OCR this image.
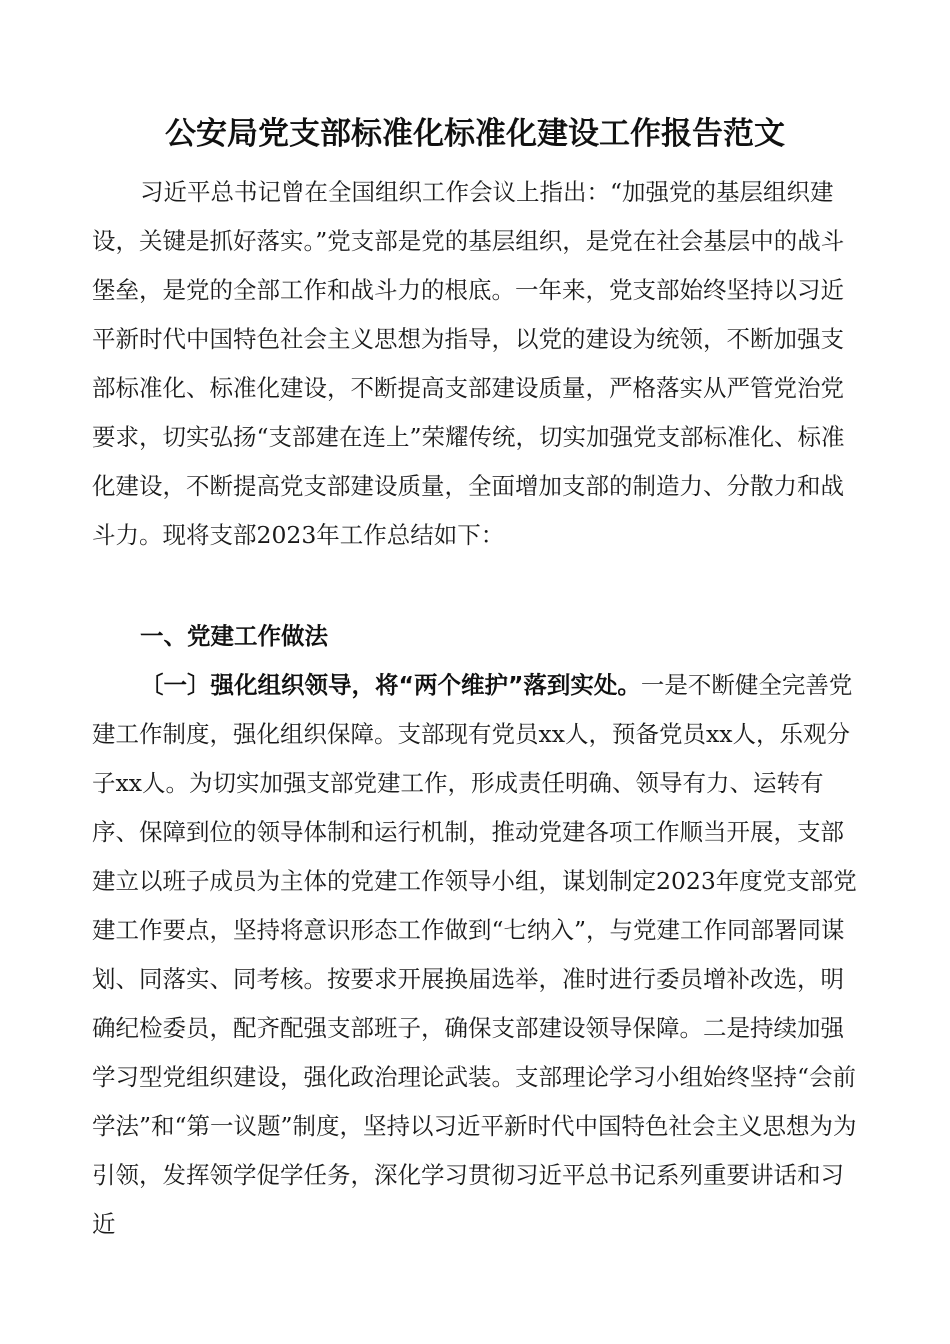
公安局党支部标准化标准化建设工作报告范文

习近平总书记曾在全国组织工作会议上指出：“加强党的基层组织建设，关键是抓好落实。”党支部是党的基层组织，是党在社会基层中的战斗堡垒，是党的全部工作和战斗力的根底。一年来，党支部始终坚持以习近平新时代中国特色社会主义思想为指导，以党的建设为统领，不断加强支部标准化、标准化建设，不断提高支部建设质量，严格落实从严管党治党要求，切实弘扬“支部建在连上”荣耀传统，切实加强党支部标准化、标准化建设，不断提高党支部建设质量，全面增加支部的制造力、分散力和战斗力。现将支部2023年工作总结如下：

一、党建工作做法

〔一〕强化组织领导，将“两个维护”落到实处。一是不断健全完善党建工作制度，强化组织保障。支部现有党员xx人，预备党员xx人，乐观分子xx人。为切实加强支部党建工作，形成责任明确、领导有力、运转有序、保障到位的领导体制和运行机制，推动党建各项工作顺当开展，支部建立以班子成员为主体的党建工作领导小组，谋划制定2023年度党支部党建工作要点，坚持将意识形态工作做到“七纳入”，与党建工作同部署同谋划、同落实、同考核。按要求开展换届选举，准时进行委员增补改选，明确纪检委员，配齐配强支部班子，确保支部建设领导保障。二是持续加强学习型党组织建设，强化政治理论武装。支部理论学习小组始终坚持“会前学法”和“第一议题”制度，坚持以习近平新时代中国特色社会主义思想为为引领，发挥领学促学任务，深化学习贯彻习近平总书记系列重要讲话和习近
